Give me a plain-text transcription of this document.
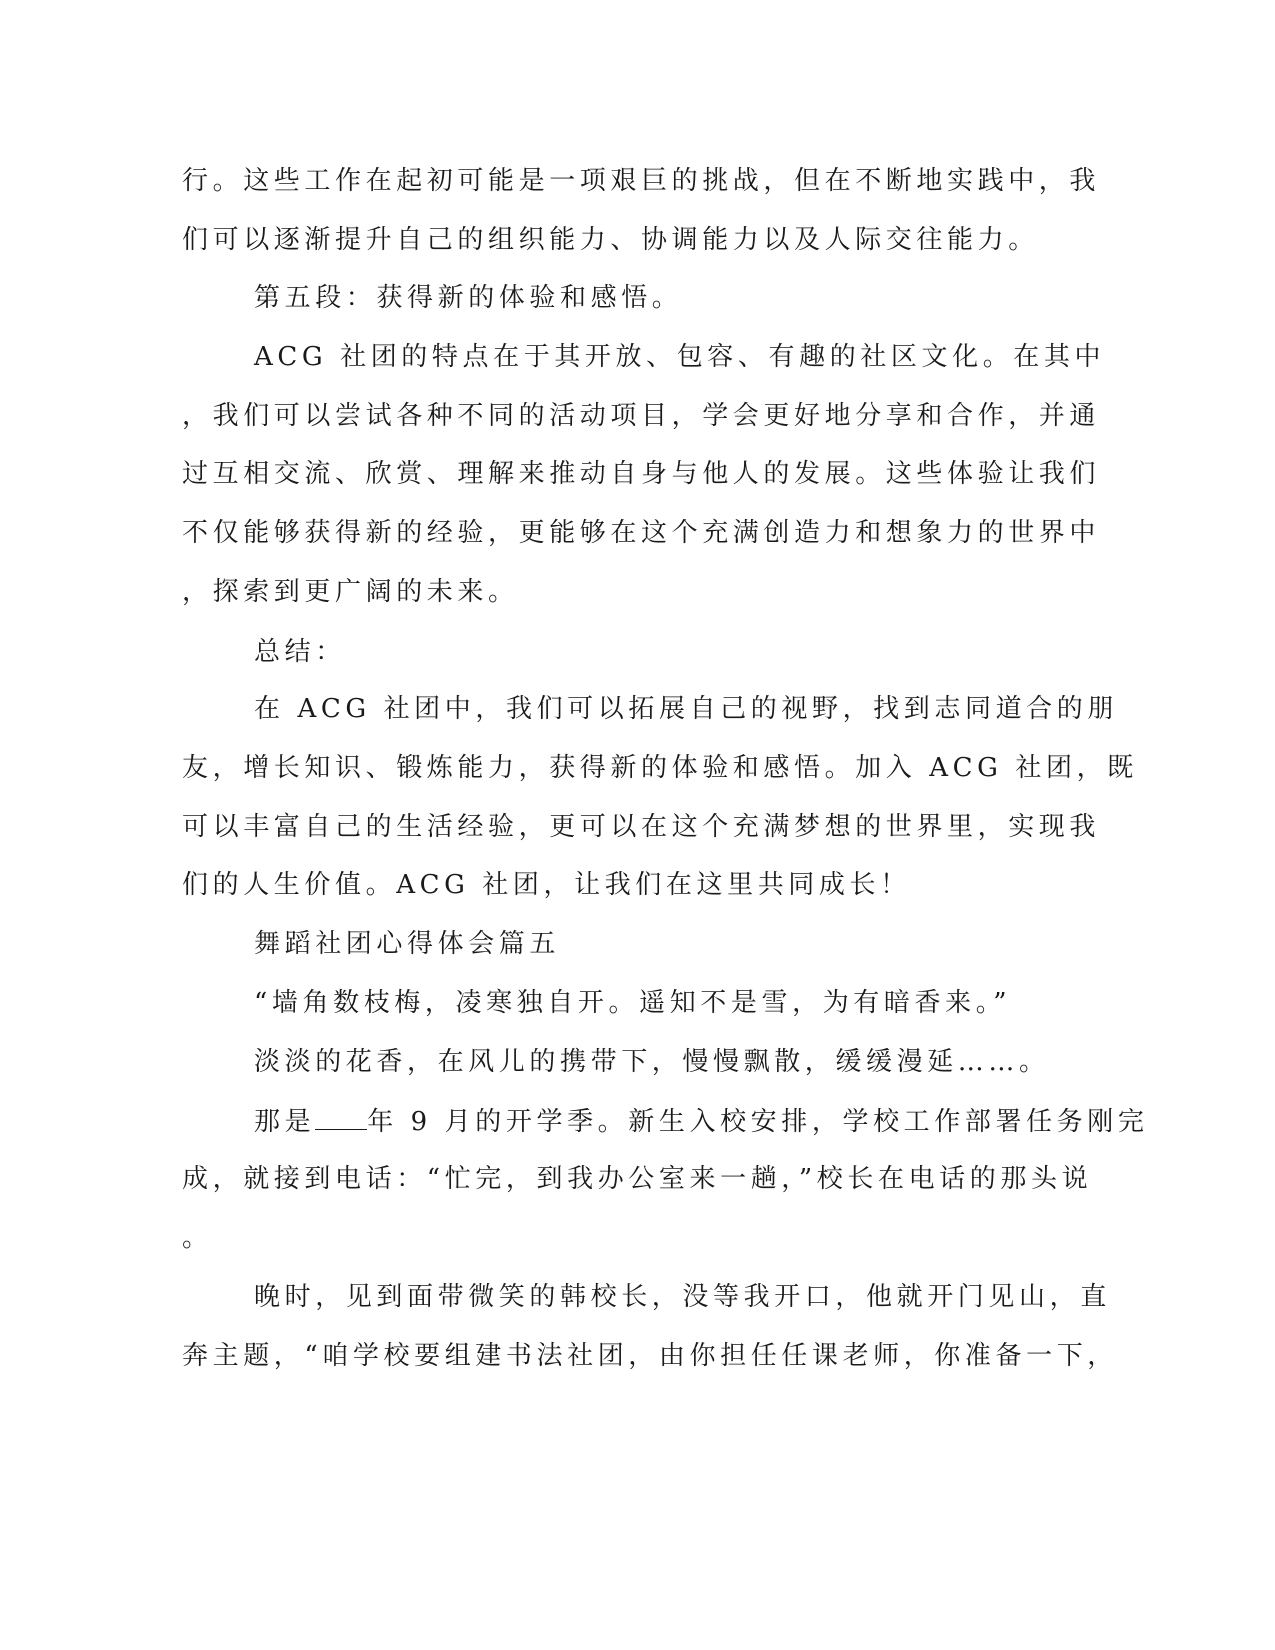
行。这些工作在起初可能是一项艰巨的挑战，但在不断地实践中，我
们可以逐渐提升自己的组织能力、协调能力以及人际交往能力。
第五段：获得新的体验和感悟。
ACG 社团的特点在于其开放、包容、有趣的社区文化。在其中
，我们可以尝试各种不同的活动项目，学会更好地分享和合作，并通
过互相交流、欣赏、理解来推动自身与他人的发展。这些体验让我们
不仅能够获得新的经验，更能够在这个充满创造力和想象力的世界中
，探索到更广阔的未来。
总结：
在 ACG 社团中，我们可以拓展自己的视野，找到志同道合的朋
友，增长知识、锻炼能力，获得新的体验和感悟。加入 ACG 社团，既
可以丰富自己的生活经验，更可以在这个充满梦想的世界里，实现我
们的人生价值。ACG 社团，让我们在这里共同成长！
舞蹈社团心得体会篇五
“墙角数枝梅，凌寒独自开。遥知不是雪，为有暗香来。”
淡淡的花香，在风儿的携带下，慢慢飘散，缓缓漫延……。
那是 年 9 月的开学季。新生入校安排，学校工作部署任务刚完
成，就接到电话：“忙完，到我办公室来一趟，”校长在电话的那头说
。
晚时，见到面带微笑的韩校长，没等我开口，他就开门见山，直
奔主题，“咱学校要组建书法社团，由你担任任课老师，你准备一下，
